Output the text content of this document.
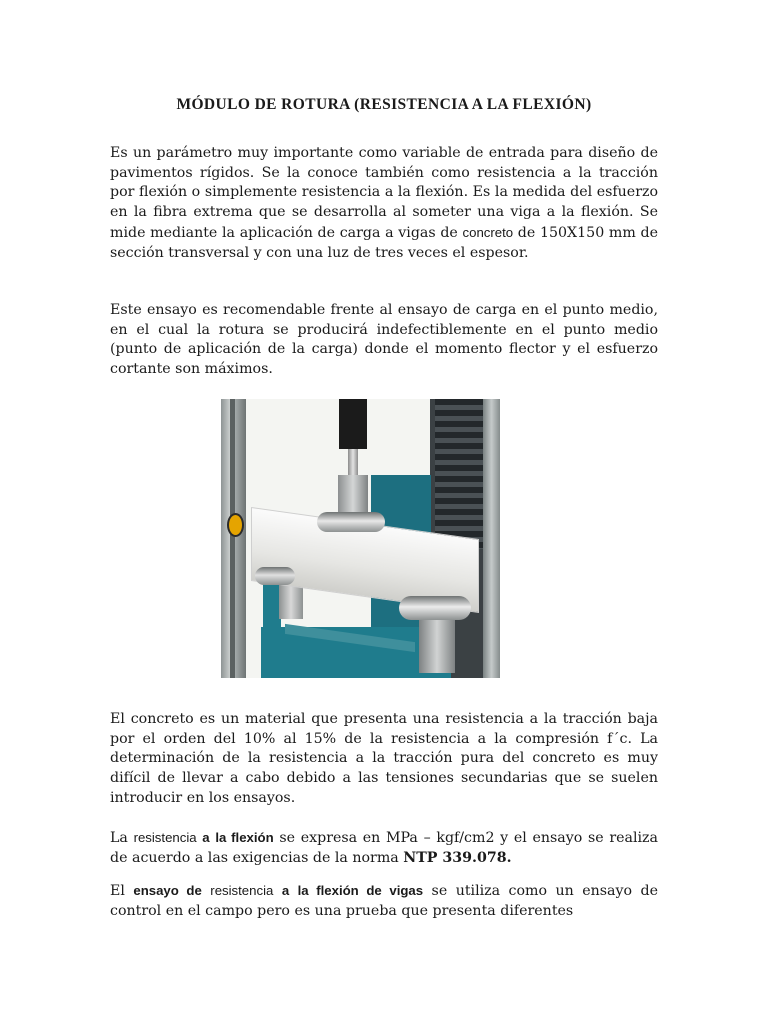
MÓDULO DE ROTURA (RESISTENCIA A LA FLEXIÓN)

Es un parámetro muy importante como variable de entrada para diseño de pavimentos rígidos. Se la conoce también como resistencia a la tracción por flexión o simplemente resistencia a la flexión. Es la medida del esfuerzo en la fibra extrema que se desarrolla al someter una viga a la flexión. Se mide mediante la aplicación de carga a vigas de concreto de 150X150 mm de sección transversal y con una luz de tres veces el espesor.

Este ensayo es recomendable frente al ensayo de carga en el punto medio, en el cual la rotura se producirá indefectiblemente en el punto medio (punto de aplicación de la carga) donde el momento flector y el esfuerzo cortante son máximos.

El concreto es un material que presenta una resistencia a la tracción baja por el orden del 10% al 15% de la resistencia a la compresión f´c. La determinación de la resistencia a la tracción pura del concreto es muy difícil de llevar a cabo debido a las tensiones secundarias que se suelen introducir en los ensayos.

La resistencia a la flexión se expresa en MPa – kgf/cm2 y el ensayo se realiza de acuerdo a las exigencias de la norma NTP 339.078.

El ensayo de resistencia a la flexión de vigas se utiliza como un ensayo de control en el campo pero es una prueba que presenta diferentes
